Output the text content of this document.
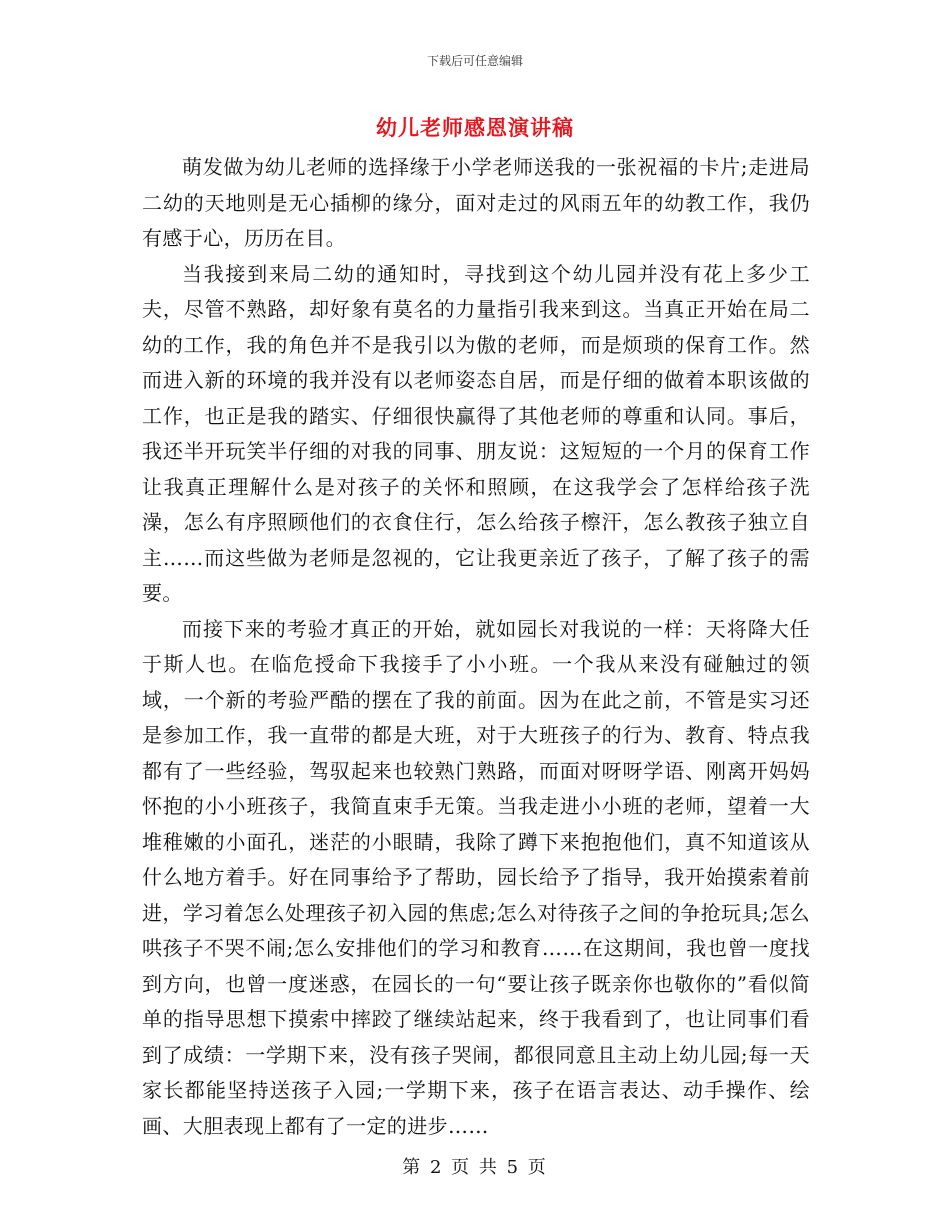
下载后可任意编辑
幼儿老师感恩演讲稿

萌发做为幼儿老师的选择缘于小学老师送我的一张祝福的卡片;走进局二幼的天地则是无心插柳的缘分，面对走过的风雨五年的幼教工作，我仍有感于心，历历在目。

当我接到来局二幼的通知时，寻找到这个幼儿园并没有花上多少工夫，尽管不熟路，却好象有莫名的力量指引我来到这。当真正开始在局二幼的工作，我的角色并不是我引以为傲的老师，而是烦琐的保育工作。然而进入新的环境的我并没有以老师姿态自居，而是仔细的做着本职该做的工作，也正是我的踏实、仔细很快赢得了其他老师的尊重和认同。事后，我还半开玩笑半仔细的对我的同事、朋友说：这短短的一个月的保育工作让我真正理解什么是对孩子的关怀和照顾，在这我学会了怎样给孩子洗澡，怎么有序照顾他们的衣食住行，怎么给孩子檫汗，怎么教孩子独立自主……而这些做为老师是忽视的，它让我更亲近了孩子，了解了孩子的需要。

而接下来的考验才真正的开始，就如园长对我说的一样：天将降大任于斯人也。在临危授命下我接手了小小班。一个我从来没有碰触过的领域，一个新的考验严酷的摆在了我的前面。因为在此之前，不管是实习还是参加工作，我一直带的都是大班，对于大班孩子的行为、教育、特点我都有了一些经验，驾驭起来也较熟门熟路，而面对呀呀学语、刚离开妈妈怀抱的小小班孩子，我简直束手无策。当我走进小小班的老师，望着一大堆稚嫩的小面孔，迷茫的小眼睛，我除了蹲下来抱抱他们，真不知道该从什么地方着手。好在同事给予了帮助，园长给予了指导，我开始摸索着前进，学习着怎么处理孩子初入园的焦虑;怎么对待孩子之间的争抢玩具;怎么哄孩子不哭不闹;怎么安排他们的学习和教育……在这期间，我也曾一度找到方向，也曾一度迷惑，在园长的一句“要让孩子既亲你也敬你的”看似简单的指导思想下摸索中摔跤了继续站起来，终于我看到了，也让同事们看到了成绩：一学期下来，没有孩子哭闹，都很同意且主动上幼儿园;每一天家长都能坚持送孩子入园;一学期下来，孩子在语言表达、动手操作、绘画、大胆表现上都有了一定的进步……

第 2 页 共 5 页
